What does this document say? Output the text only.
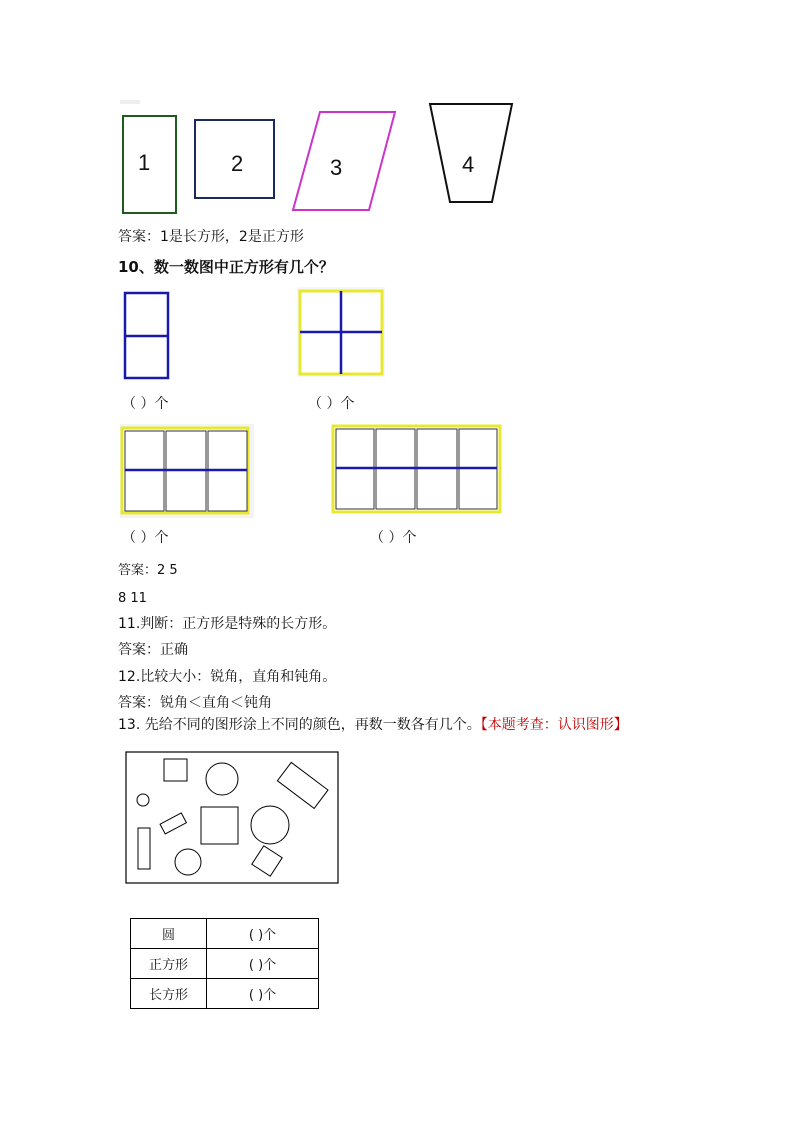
1	2	3	4
答案：1是长方形，2是正方形
10、数一数图中正方形有几个？
（ ）个	（ ）个
（ ）个	（ ）个
答案：2 5
8 11
11.判断：正方形是特殊的长方形。
答案：正确
12.比较大小：锐角，直角和钝角。
答案：锐角＜直角＜钝角
13. 先给不同的图形涂上不同的颜色，再数一数各有几个。【本题考查：认识图形】
圆	( )个
正方形	( )个
长方形	( )个
